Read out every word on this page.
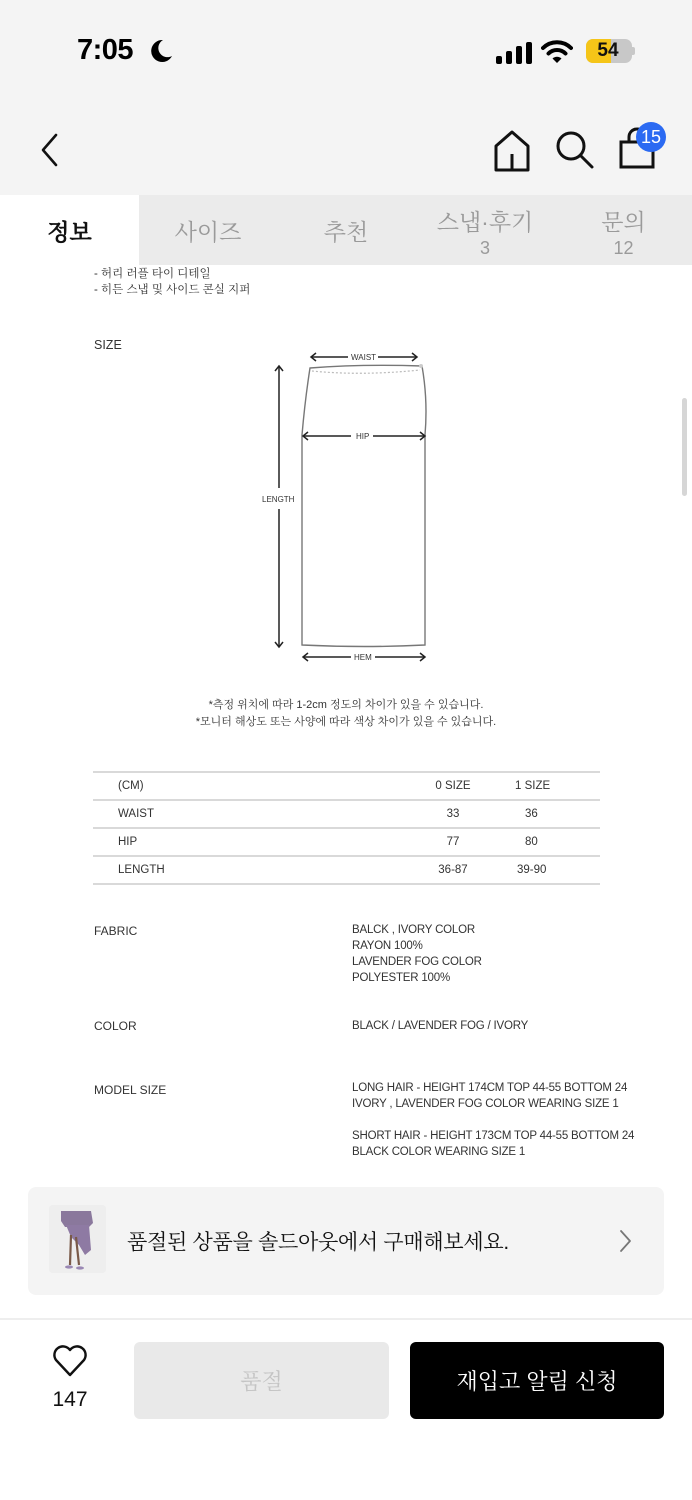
7:05	54
15
정보	사이즈	추천	스냅·후기
3
문의
12
- 허리 러플 타이 디테일
- 히든 스냅 및 사이드 콘실 지퍼
SIZE
WAIST
HIP
LENGTH
HEM
*측정 위치에 따라 1-2cm 정도의 차이가 있을 수 있습니다.
*모니터 해상도 또는 사양에 따라 색상 차이가 있을 수 있습니다.
(CM)	0 SIZE	1 SIZE
WAIST	33	36
HIP	77	80
LENGTH	36-87	39-90
FABRIC	BALCK , IVORY COLOR
RAYON 100%
LAVENDER FOG COLOR
POLYESTER 100%
COLOR	BLACK / LAVENDER FOG / IVORY
MODEL SIZE	LONG HAIR - HEIGHT 174CM TOP 44-55 BOTTOM 24
IVORY , LAVENDER FOG COLOR WEARING SIZE 1
SHORT HAIR - HEIGHT 173CM TOP 44-55 BOTTOM 24
BLACK COLOR WEARING SIZE 1
품절된 상품을 솔드아웃에서 구매해보세요.
147
품절	재입고 알림 신청
